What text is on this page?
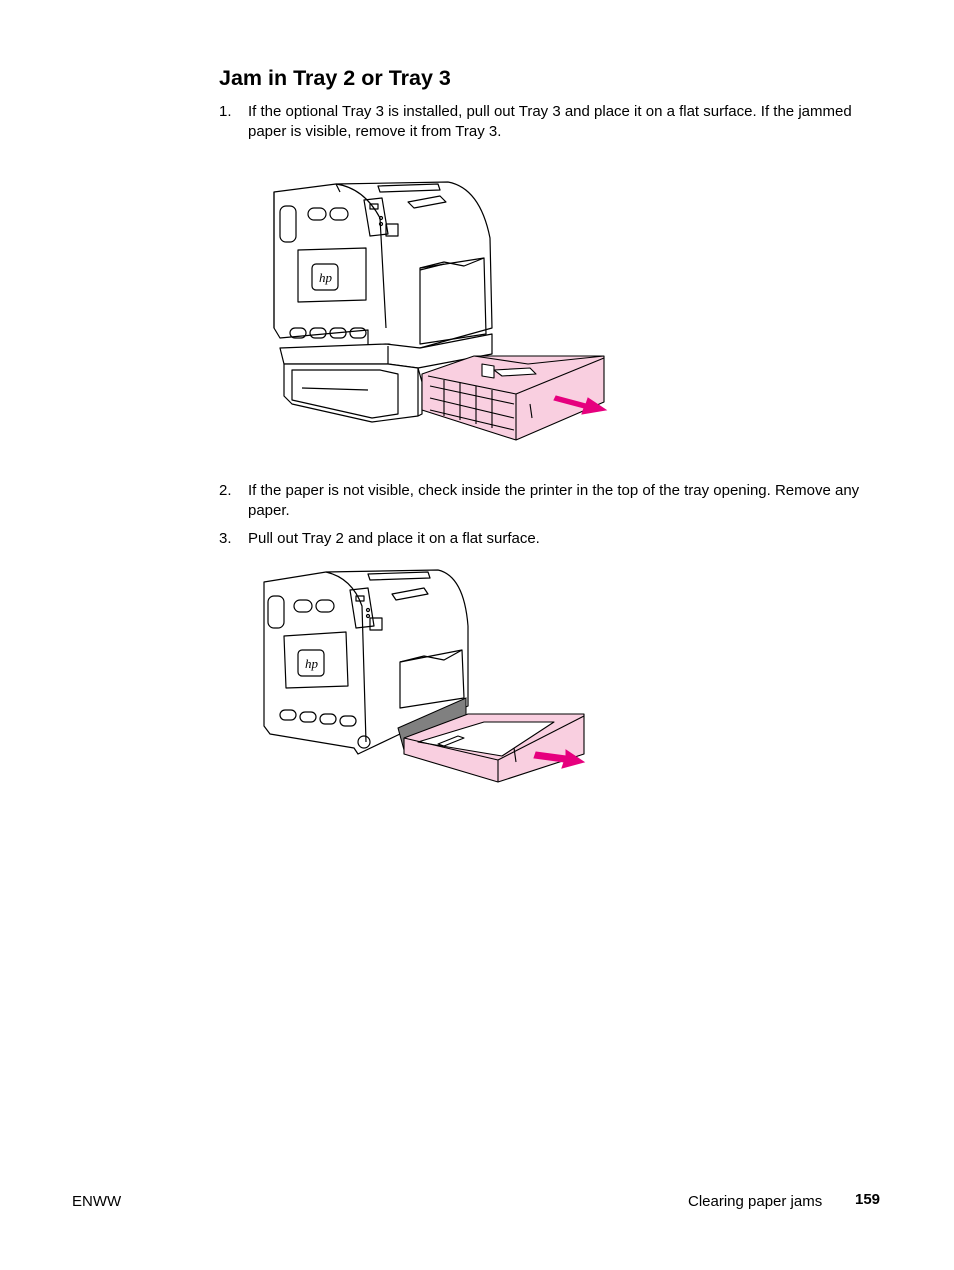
Jam in Tray 2 or Tray 3
1. If the optional Tray 3 is installed, pull out Tray 3 and place it on a flat surface. If the jammed paper is visible, remove it from Tray 3.
hp
2. If the paper is not visible, check inside the printer in the top of the tray opening. Remove any paper.
3. Pull out Tray 2 and place it on a flat surface.
hp
ENWW	Clearing paper jams 159
